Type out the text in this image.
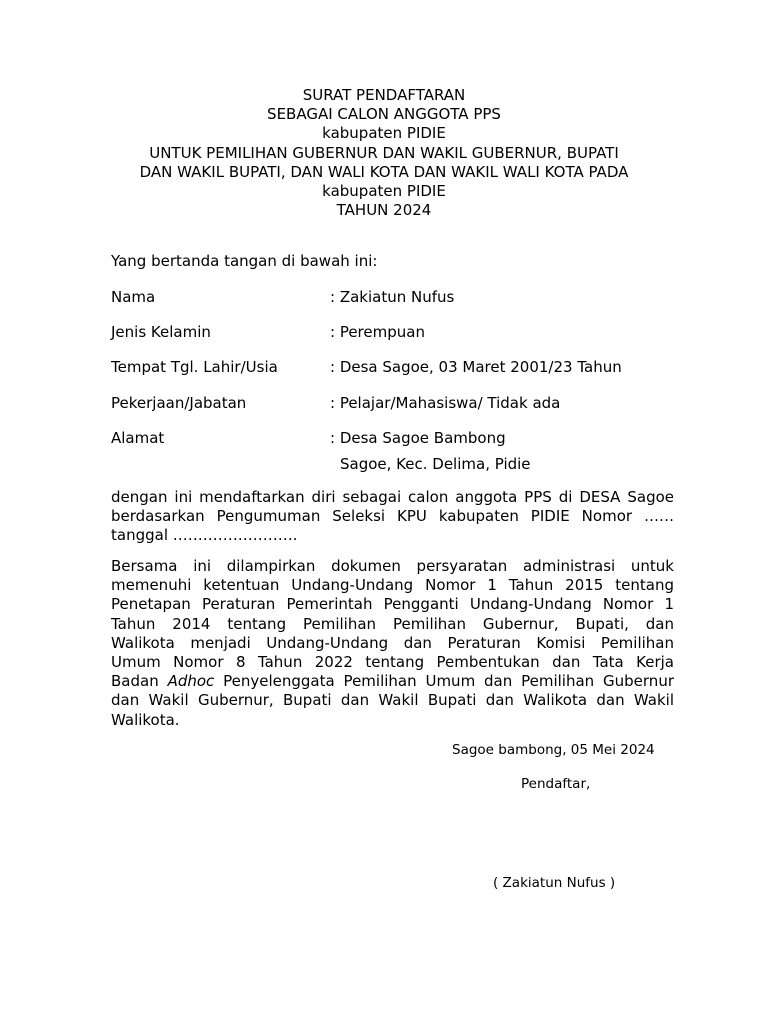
SURAT PENDAFTARAN
SEBAGAI CALON ANGGOTA PPS
kabupaten PIDIE
UNTUK PEMILIHAN GUBERNUR DAN WAKIL GUBERNUR, BUPATI
DAN WAKIL BUPATI, DAN WALI KOTA DAN WAKIL WALI KOTA PADA
kabupaten PIDIE
TAHUN 2024
Yang bertanda tangan di bawah ini:
Nama	: Zakiatun Nufus
Jenis Kelamin	: Perempuan
Tempat Tgl. Lahir/Usia	: Desa Sagoe, 03 Maret 2001/23 Tahun
Pekerjaan/Jabatan	: Pelajar/Mahasiswa/ Tidak ada
Alamat	: Desa Sagoe Bambong
Sagoe, Kec. Delima, Pidie
dengan ini mendaftarkan diri sebagai calon anggota PPS di DESA Sagoe
berdasarkan Pengumuman Seleksi KPU kabupaten PIDIE Nomor ……
tanggal …………………….
Bersama ini dilampirkan dokumen persyaratan administrasi untuk
memenuhi ketentuan Undang-Undang Nomor 1 Tahun 2015 tentang
Penetapan Peraturan Pemerintah Pengganti Undang-Undang Nomor 1
Tahun 2014 tentang Pemilihan Pemilihan Gubernur, Bupati, dan
Walikota menjadi Undang-Undang dan Peraturan Komisi Pemilihan
Umum Nomor 8 Tahun 2022 tentang Pembentukan dan Tata Kerja
Badan Adhoc Penyelenggata Pemilihan Umum dan Pemilihan Gubernur
dan Wakil Gubernur, Bupati dan Wakil Bupati dan Walikota dan Wakil
Walikota.
Sagoe bambong, 05 Mei 2024
Pendaftar,
( Zakiatun Nufus )
